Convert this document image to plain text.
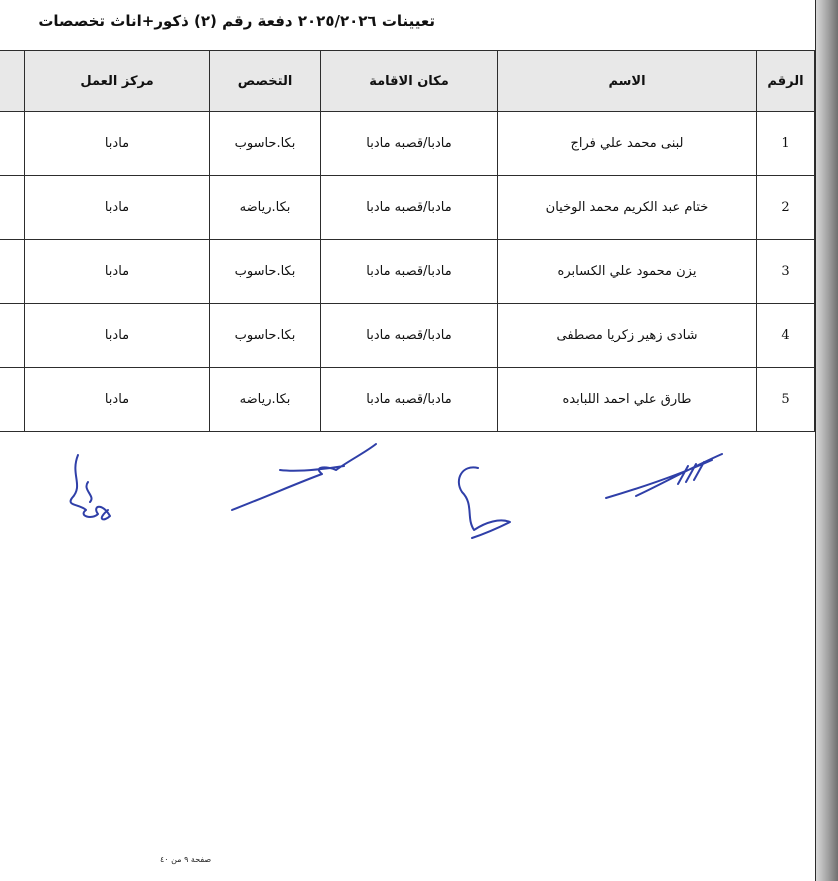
تعيينات ٢٠٢٥/٢٠٢٦ دفعة رقم (٢) ذكور+اناث تخصصات
الرقم	الاسم	مكان الاقامة	التخصص	مركز العمل	
1	لبنى محمد علي فراج	مادبا/قصبه مادبا	بكا.حاسوب	مادبا	
2	ختام عبد الكريم محمد الوخيان	مادبا/قصبه مادبا	بكا.رياضه	مادبا	
3	يزن محمود علي الكسابره	مادبا/قصبه مادبا	بكا.حاسوب	مادبا	
4	شادى زهير زكريا مصطفى	مادبا/قصبه مادبا	بكا.حاسوب	مادبا	
5	طارق علي احمد اللبابده	مادبا/قصبه مادبا	بكا.رياضه	مادبا	
صفحة ٩ من ٤٠
